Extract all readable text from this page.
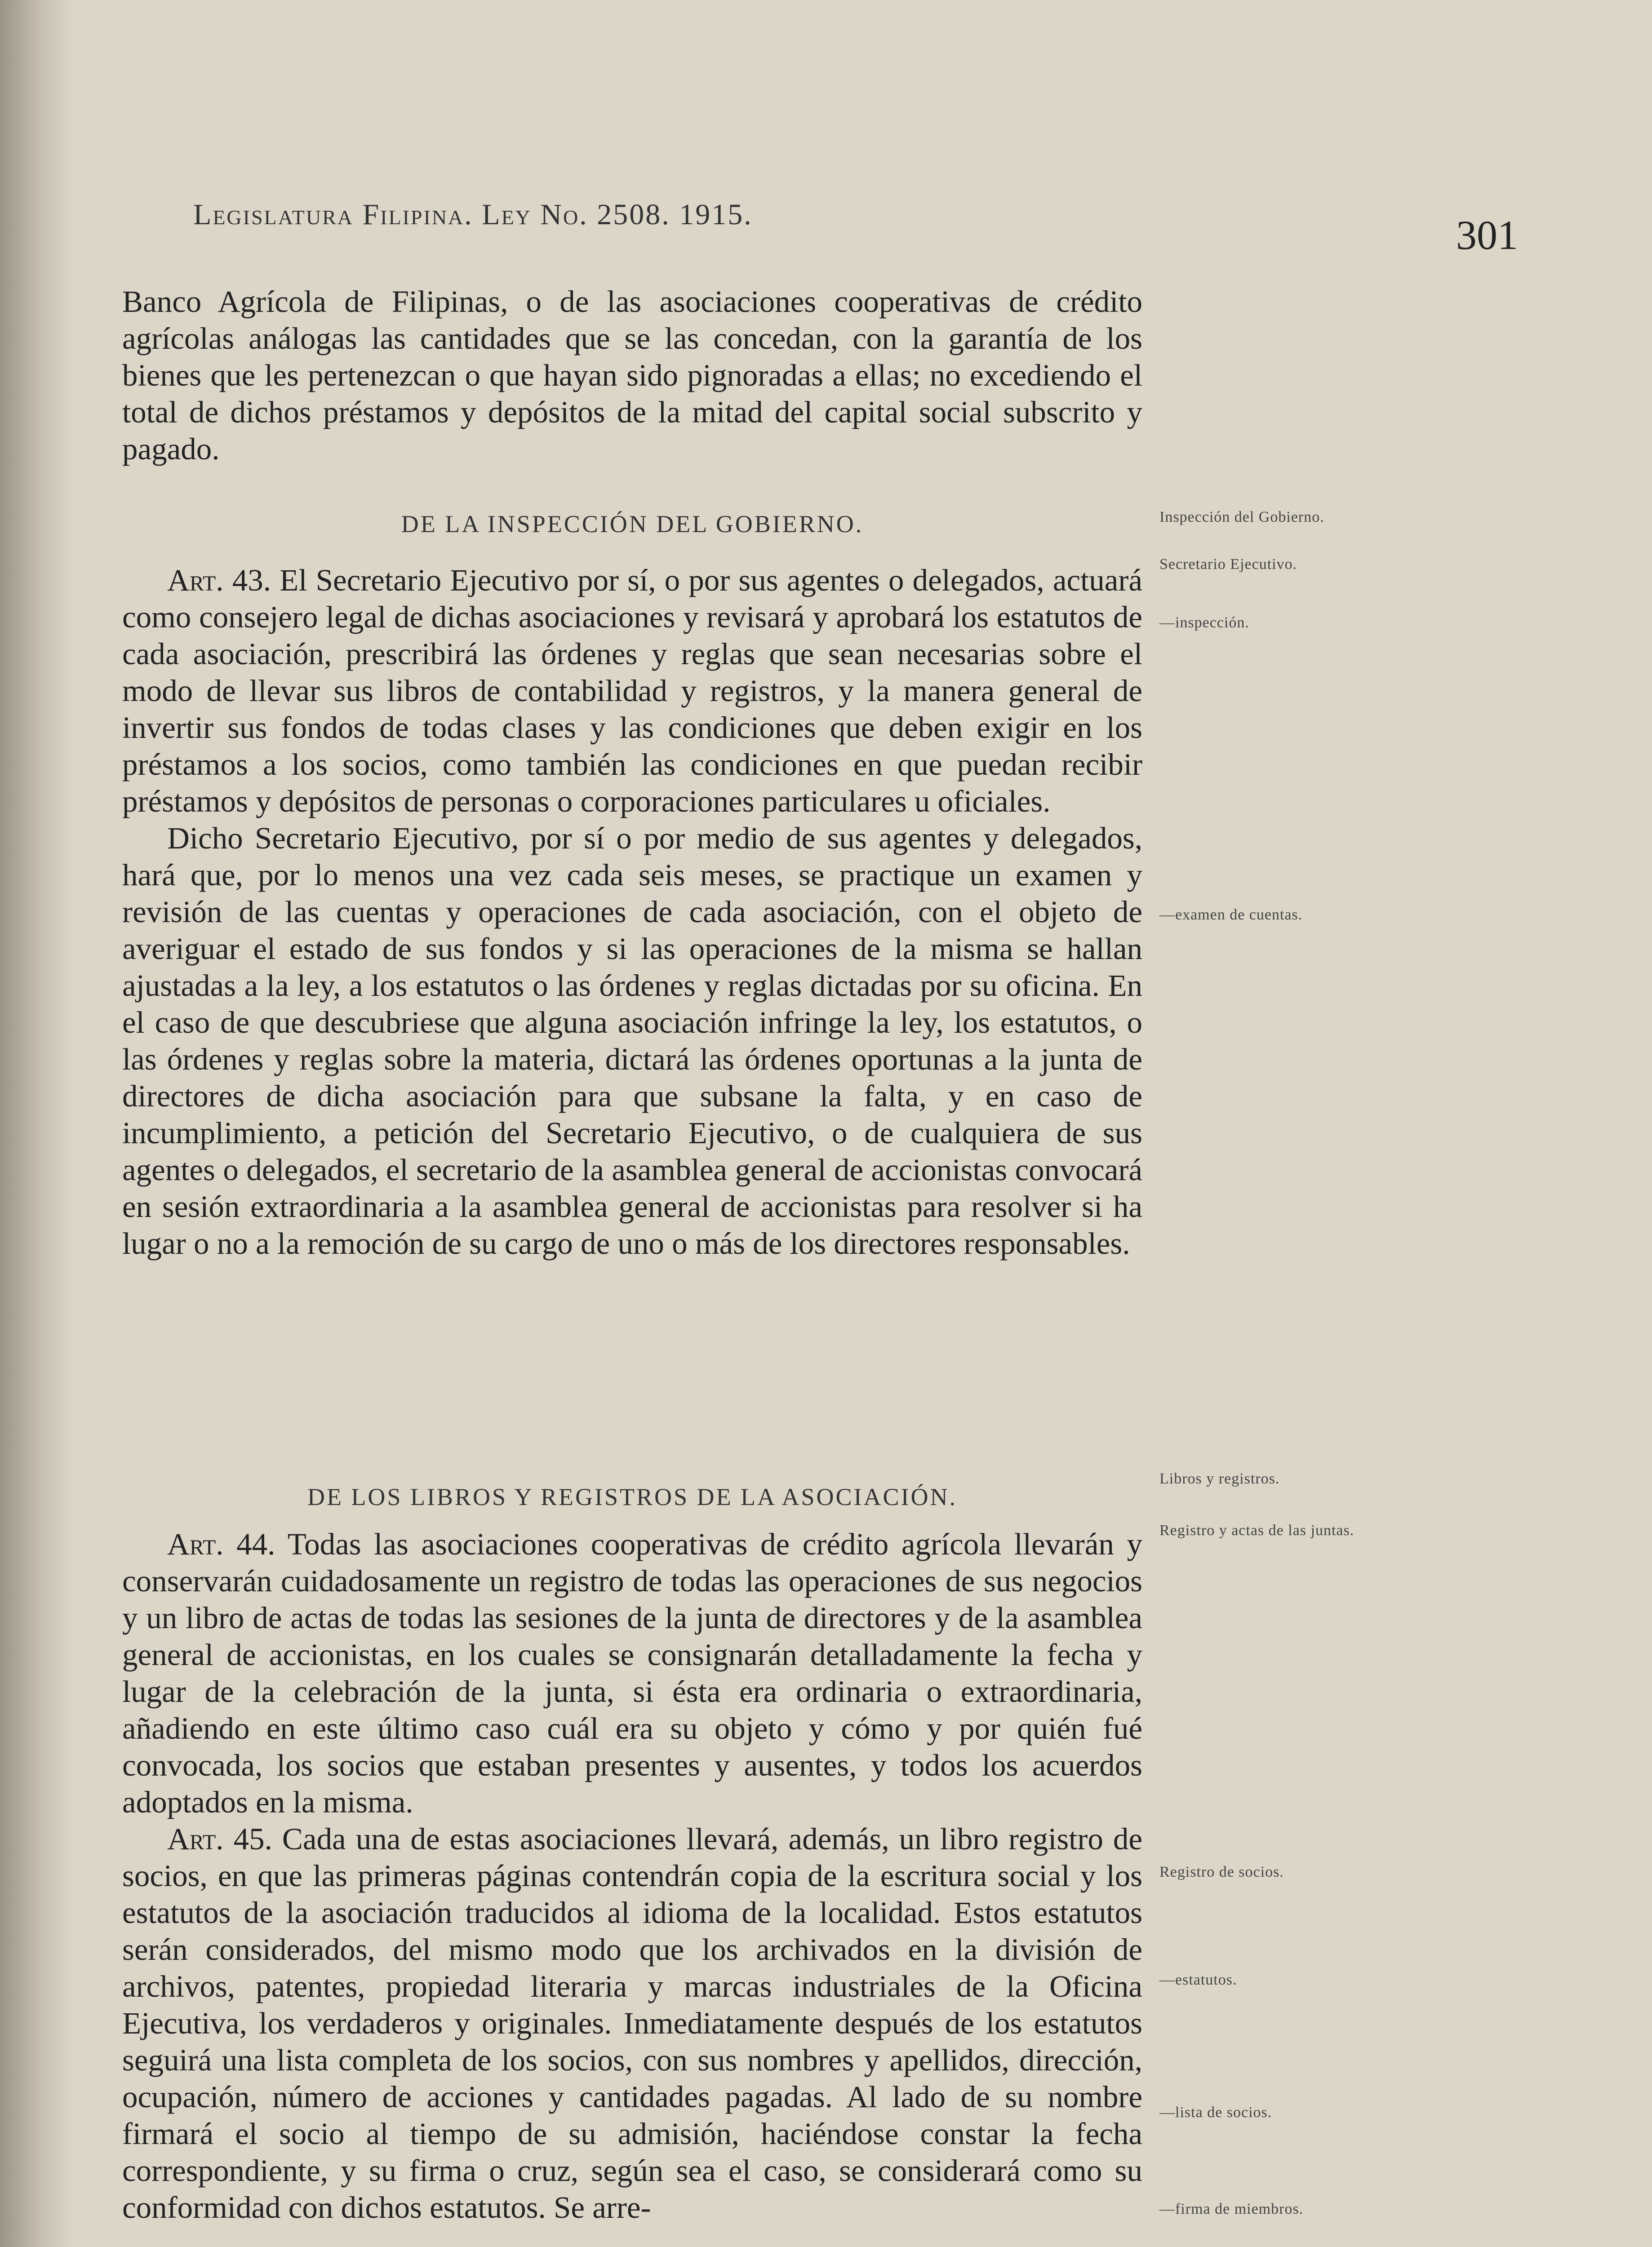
Legislatura Filipina. Ley No. 2508. 1915.	301

Banco Agrícola de Filipinas, o de las asociaciones cooperativas de crédito agrícolas análogas las cantidades que se las concedan, con la garantía de los bienes que les pertenezcan o que hayan sido pignoradas a ellas; no excediendo el total de dichos préstamos y depósitos de la mitad del capital social subscrito y pagado.

DE LA INSPECCIÓN DEL GOBIERNO.

Art. 43. El Secretario Ejecutivo por sí, o por sus agentes o delegados, actuará como consejero legal de dichas asociaciones y revisará y aprobará los estatutos de cada asociación, prescribirá las órdenes y reglas que sean necesarias sobre el modo de llevar sus libros de contabilidad y registros, y la manera general de invertir sus fondos de todas clases y las condiciones que deben exigir en los préstamos a los socios, como también las condiciones en que puedan recibir préstamos y depósitos de personas o corporaciones particulares u oficiales.

Dicho Secretario Ejecutivo, por sí o por medio de sus agentes y delegados, hará que, por lo menos una vez cada seis meses, se practique un examen y revisión de las cuentas y operaciones de cada asociación, con el objeto de averiguar el estado de sus fondos y si las operaciones de la misma se hallan ajustadas a la ley, a los estatutos o las órdenes y reglas dictadas por su oficina. En el caso de que descubriese que alguna asociación infringe la ley, los estatutos, o las órdenes y reglas sobre la materia, dictará las órdenes oportunas a la junta de directores de dicha asociación para que subsane la falta, y en caso de incumplimiento, a petición del Secretario Ejecutivo, o de cualquiera de sus agentes o delegados, el secretario de la asamblea general de accionistas convocará en sesión extraordinaria a la asamblea general de accionistas para resolver si ha lugar o no a la remoción de su cargo de uno o más de los directores responsables.

DE LOS LIBROS Y REGISTROS DE LA ASOCIACIÓN.

Art. 44. Todas las asociaciones cooperativas de crédito agrícola llevarán y conservarán cuidadosamente un registro de todas las operaciones de sus negocios y un libro de actas de todas las sesiones de la junta de directores y de la asamblea general de accionistas, en los cuales se consignarán detalladamente la fecha y lugar de la celebración de la junta, si ésta era ordinaria o extraordinaria, añadiendo en este último caso cuál era su objeto y cómo y por quién fué convocada, los socios que estaban presentes y ausentes, y todos los acuerdos adoptados en la misma.

Art. 45. Cada una de estas asociaciones llevará, además, un libro registro de socios, en que las primeras páginas contendrán copia de la escritura social y los estatutos de la asociación traducidos al idioma de la localidad. Estos estatutos serán considerados, del mismo modo que los archivados en la división de archivos, patentes, propiedad literaria y marcas industriales de la Oficina Ejecutiva, los verdaderos y originales. Inmediatamente después de los estatutos seguirá una lista completa de los socios, con sus nombres y apellidos, dirección, ocupación, número de acciones y cantidades pagadas. Al lado de su nombre firmará el socio al tiempo de su admisión, haciéndose constar la fecha correspondiente, y su firma o cruz, según sea el caso, se considerará como su conformidad con dichos estatutos. Se arre-

Inspección del Gobierno.
Secretario Ejecutivo.
—inspección.
—examen de cuentas.
Libros y registros.
Registro y actas de las juntas.
Registro de socios.
—estatutos.
—lista de socios.
—firma de miembros.
